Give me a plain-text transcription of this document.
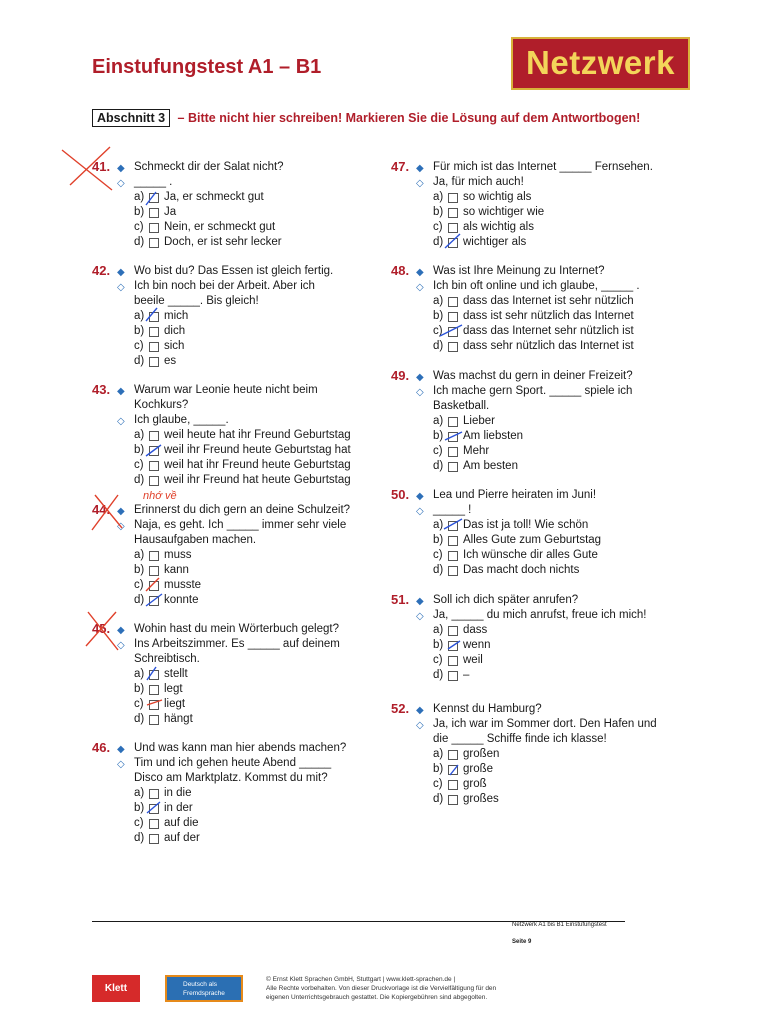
Einstufungstest A1 – B1	Netzwerk
Abschnitt 3 – Bitte nicht hier schreiben! Markieren Sie die Lösung auf dem Antwortbogen!
41. ◆ Schmeckt dir der Salat nicht?
◇ _____ .
a)	Ja, er schmeckt gut
b)	Ja
c)	Nein, er schmeckt gut
d)	Doch, er ist sehr lecker
42. ◆ Wo bist du? Das Essen ist gleich fertig.
◇ Ich bin noch bei der Arbeit. Aber ich
beeile _____. Bis gleich!
a)	mich
b)	dich
c)	sich
d)	es
43. ◆ Warum war Leonie heute nicht beim
Kochkurs?
◇ Ich glaube, _____.
a)	weil heute hat ihr Freund Geburtstag
b)	weil ihr Freund heute Geburtstag hat
c)	weil hat ihr Freund heute Geburtstag
d)	weil ihr Freund hat heute Geburtstag
44. ◆ Erinnerst du dich gern an deine Schulzeit?
◇ Naja, es geht. Ich _____ immer sehr viele
Hausaufgaben machen.
a)	muss
b)	kann
c)	musste
d)	konnte
45. ◆ Wohin hast du mein Wörterbuch gelegt?
◇ Ins Arbeitszimmer. Es _____ auf deinem
Schreibtisch.
a)	stellt
b)	legt
c)	liegt
d)	hängt
46. ◆ Und was kann man hier abends machen?
◇ Tim und ich gehen heute Abend _____
Disco am Marktplatz. Kommst du mit?
a)	in die
b)	in der
c)	auf die
d)	auf der
47. ◆ Für mich ist das Internet _____ Fernsehen.
◇ Ja, für mich auch!
a)	so wichtig als
b)	so wichtiger wie
c)	als wichtig als
d)	wichtiger als
48. ◆ Was ist Ihre Meinung zu Internet?
◇ Ich bin oft online und ich glaube, _____ .
a)	dass das Internet ist sehr nützlich
b)	dass ist sehr nützlich das Internet
c)	dass das Internet sehr nützlich ist
d)	dass sehr nützlich das Internet ist
49. ◆ Was machst du gern in deiner Freizeit?
◇ Ich mache gern Sport. _____ spiele ich
Basketball.
a)	Lieber
b)	Am liebsten
c)	Mehr
d)	Am besten
50. ◆ Lea und Pierre heiraten im Juni!
◇ _____ !
a)	Das ist ja toll! Wie schön
b)	Alles Gute zum Geburtstag
c)	Ich wünsche dir alles Gute
d)	Das macht doch nichts
51. ◆ Soll ich dich später anrufen?
◇ Ja, _____ du mich anrufst, freue ich mich!
a)	dass
b)	wenn
c)	weil
d)	–
52. ◆ Kennst du Hamburg?
◇ Ja, ich war im Sommer dort. Den Hafen und
die _____ Schiffe finde ich klasse!
a)	großen
b)	große
c)	groß
d)	großes
nhớ về
Netzwerk A1 bis B1 Einstufungstest
Seite 9
Klett	Deutsch als
Fremdsprache
© Ernst Klett Sprachen GmbH, Stuttgart | www.klett-sprachen.de |
Alle Rechte vorbehalten. Von dieser Druckvorlage ist die Vervielfältigung für den
eigenen Unterrichtsgebrauch gestattet. Die Kopiergebühren sind abgegolten.
